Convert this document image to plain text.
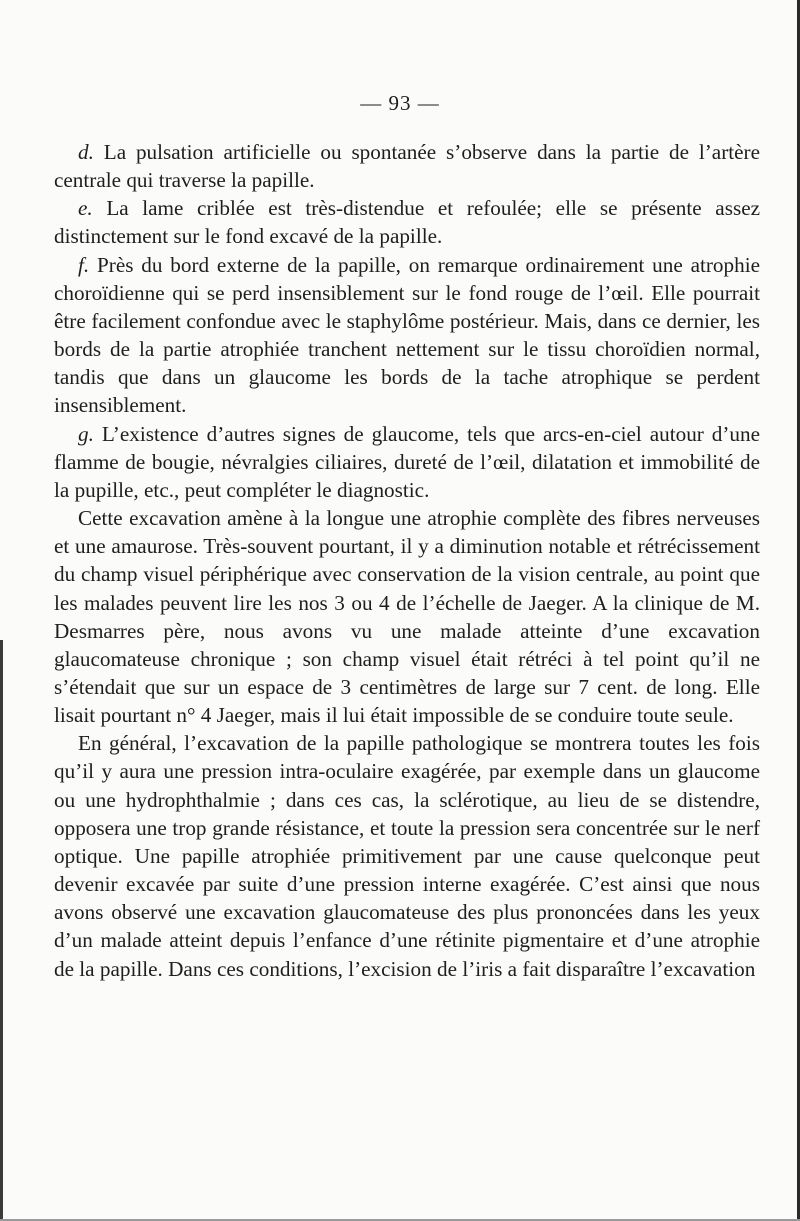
— 93 —

d. La pulsation artificielle ou spontanée s’observe dans la partie de l’artère centrale qui traverse la papille.

e. La lame criblée est très-distendue et refoulée; elle se présente assez distinctement sur le fond excavé de la papille.

f. Près du bord externe de la papille, on remarque ordinairement une atrophie choroïdienne qui se perd insensiblement sur le fond rouge de l’œil. Elle pourrait être facilement confondue avec le staphylôme postérieur. Mais, dans ce dernier, les bords de la partie atrophiée tranchent nettement sur le tissu choroïdien normal, tandis que dans un glaucome les bords de la tache atrophique se perdent insensiblement.

g. L’existence d’autres signes de glaucome, tels que arcs-en-ciel autour d’une flamme de bougie, névralgies ciliaires, dureté de l’œil, dilatation et immobilité de la pupille, etc., peut compléter le diagnostic.

Cette excavation amène à la longue une atrophie complète des fibres nerveuses et une amaurose. Très-souvent pourtant, il y a diminution notable et rétrécissement du champ visuel périphérique avec conservation de la vision centrale, au point que les malades peuvent lire les nos 3 ou 4 de l’échelle de Jaeger. A la clinique de M. Desmarres père, nous avons vu une malade atteinte d’une excavation glaucomateuse chronique ; son champ visuel était rétréci à tel point qu’il ne s’étendait que sur un espace de 3 centimètres de large sur 7 cent. de long. Elle lisait pourtant n° 4 Jaeger, mais il lui était impossible de se conduire toute seule.

En général, l’excavation de la papille pathologique se montrera toutes les fois qu’il y aura une pression intra-oculaire exagérée, par exemple dans un glaucome ou une hydrophthalmie ; dans ces cas, la sclérotique, au lieu de se distendre, opposera une trop grande résistance, et toute la pression sera concentrée sur le nerf optique. Une papille atrophiée primitivement par une cause quelconque peut devenir excavée par suite d’une pression interne exagérée. C’est ainsi que nous avons observé une excavation glaucomateuse des plus prononcées dans les yeux d’un malade atteint depuis l’enfance d’une rétinite pigmentaire et d’une atrophie de la papille. Dans ces conditions, l’excision de l’iris a fait disparaître l’excavation
